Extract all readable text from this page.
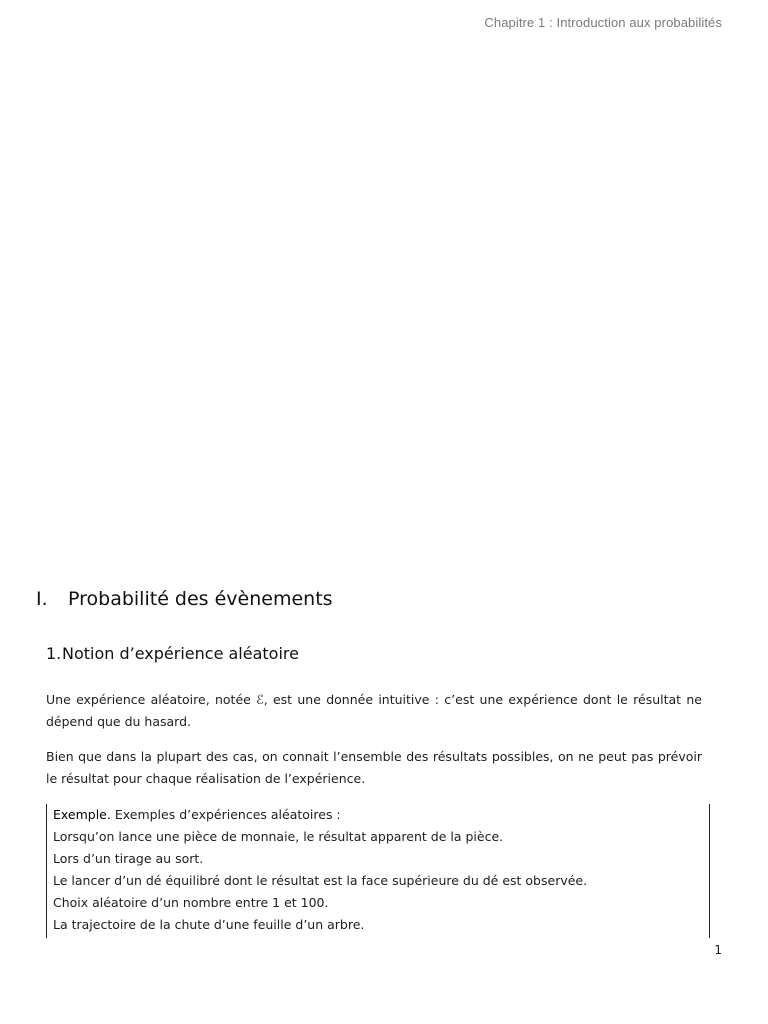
Chapitre 1 : Introduction aux probabilités
I. Probabilité des évènements
1.Notion d’expérience aléatoire

Une expérience aléatoire, notée ℰ, est une donnée intuitive : c’est une expérience dont le résultat ne dépend que du hasard.

Bien que dans la plupart des cas, on connait l’ensemble des résultats possibles, on ne peut pas prévoir le résultat pour chaque réalisation de l’expérience.

Exemple. Exemples d’expériences aléatoires :
Lorsqu’on lance une pièce de monnaie, le résultat apparent de la pièce.
Lors d’un tirage au sort.
Le lancer d’un dé équilibré dont le résultat est la face supérieure du dé est observée.
Choix aléatoire d’un nombre entre 1 et 100.
La trajectoire de la chute d’une feuille d’un arbre.
1
